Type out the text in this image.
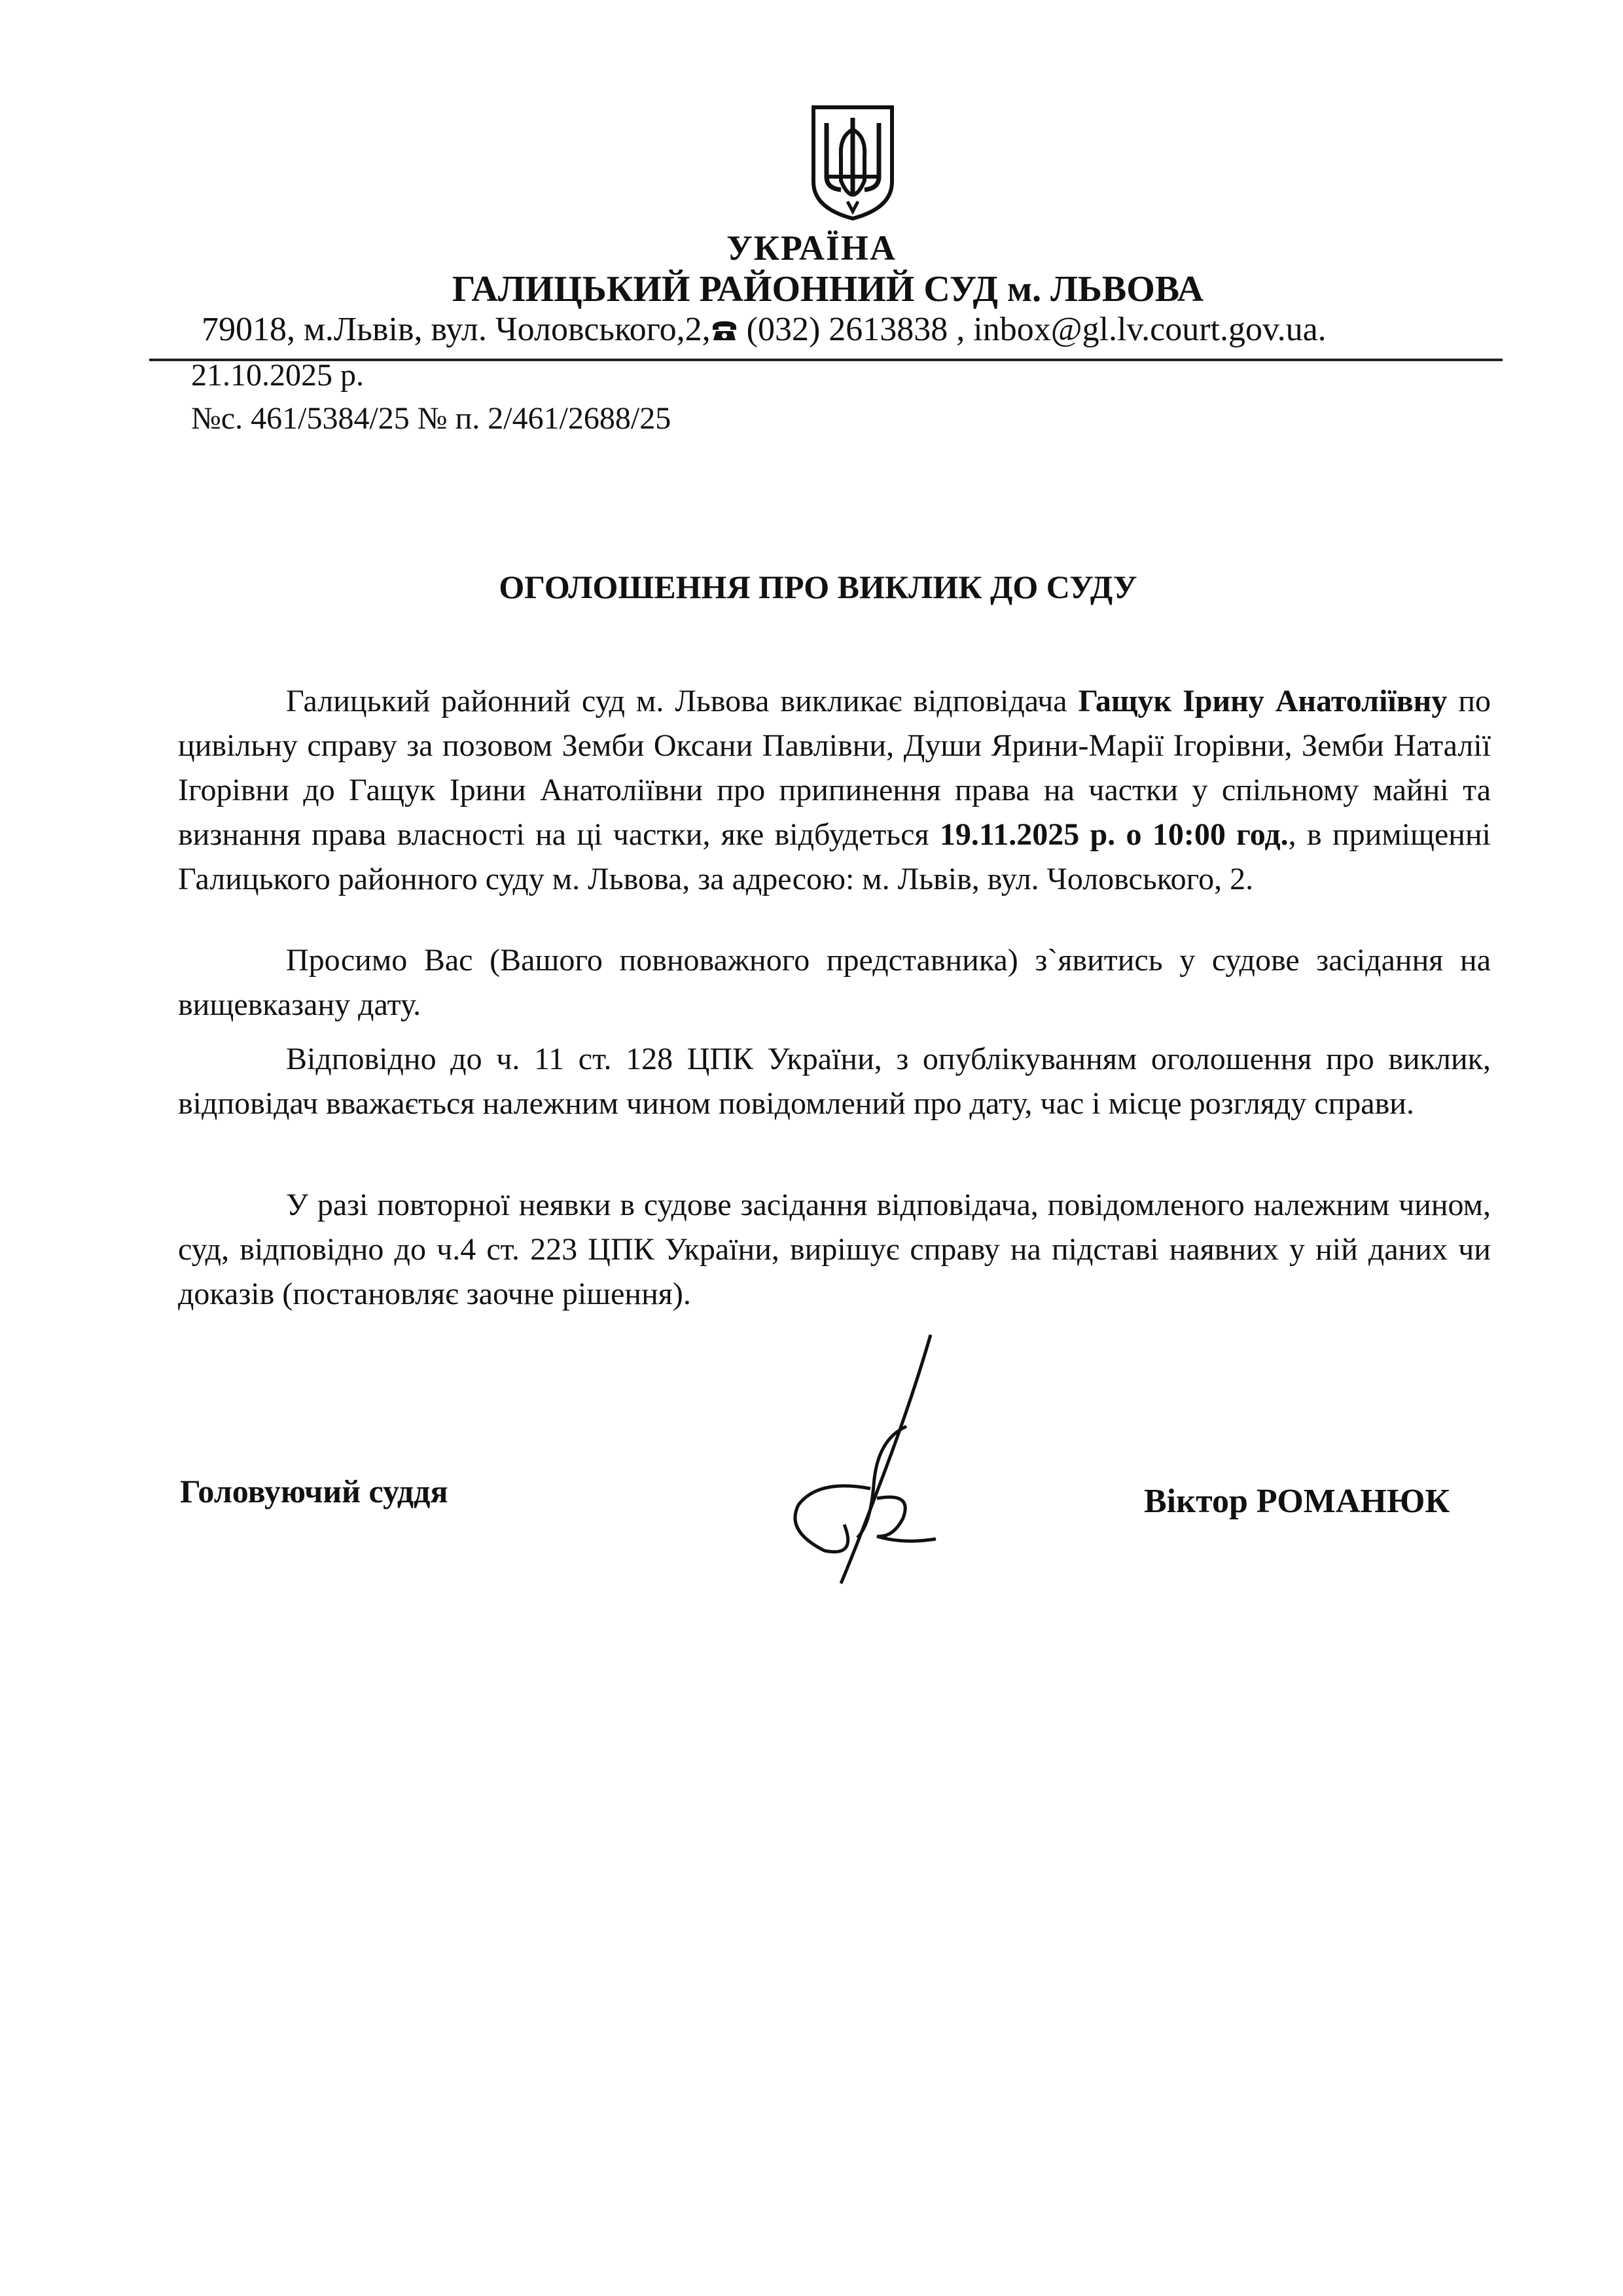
УКРАЇНА
ГАЛИЦЬКИЙ РАЙОННИЙ СУД м. ЛЬВОВА
79018, м.Львів, вул. Чоловського,2, (032) 2613838 , inbox@gl.lv.court.gov.ua.
21.10.2025 р.
№с. 461/5384/25 № п. 2/461/2688/25
ОГОЛОШЕННЯ ПРО ВИКЛИК ДО СУДУ
Галицький районний суд м. Львова викликає відповідача Гащук Ірину Анатоліївну по цивільну справу за позовом Земби Оксани Павлівни, Души Ярини-Марії Ігорівни, Земби Наталії Ігорівни до Гащук Ірини Анатоліївни про припинення права на частки у спільному майні та визнання права власності на ці частки, яке відбудеться 19.11.2025 р. о 10:00 год., в приміщенні Галицького районного суду м. Львова, за адресою: м. Львів, вул. Чоловського, 2.
Просимо Вас (Вашого повноважного представника) з`явитись у судове засідання на вищевказану дату.
Відповідно до ч. 11 ст. 128 ЦПК України, з опублікуванням оголошення про виклик, відповідач вважається належним чином повідомлений про дату, час і місце розгляду справи.
У разі повторної неявки в судове засідання відповідача, повідомленого належним чином, суд, відповідно до ч.4 ст. 223 ЦПК України, вирішує справу на підставі наявних у ній даних чи доказів (постановляє заочне рішення).
Головуючий суддя	Віктор РОМАНЮК
